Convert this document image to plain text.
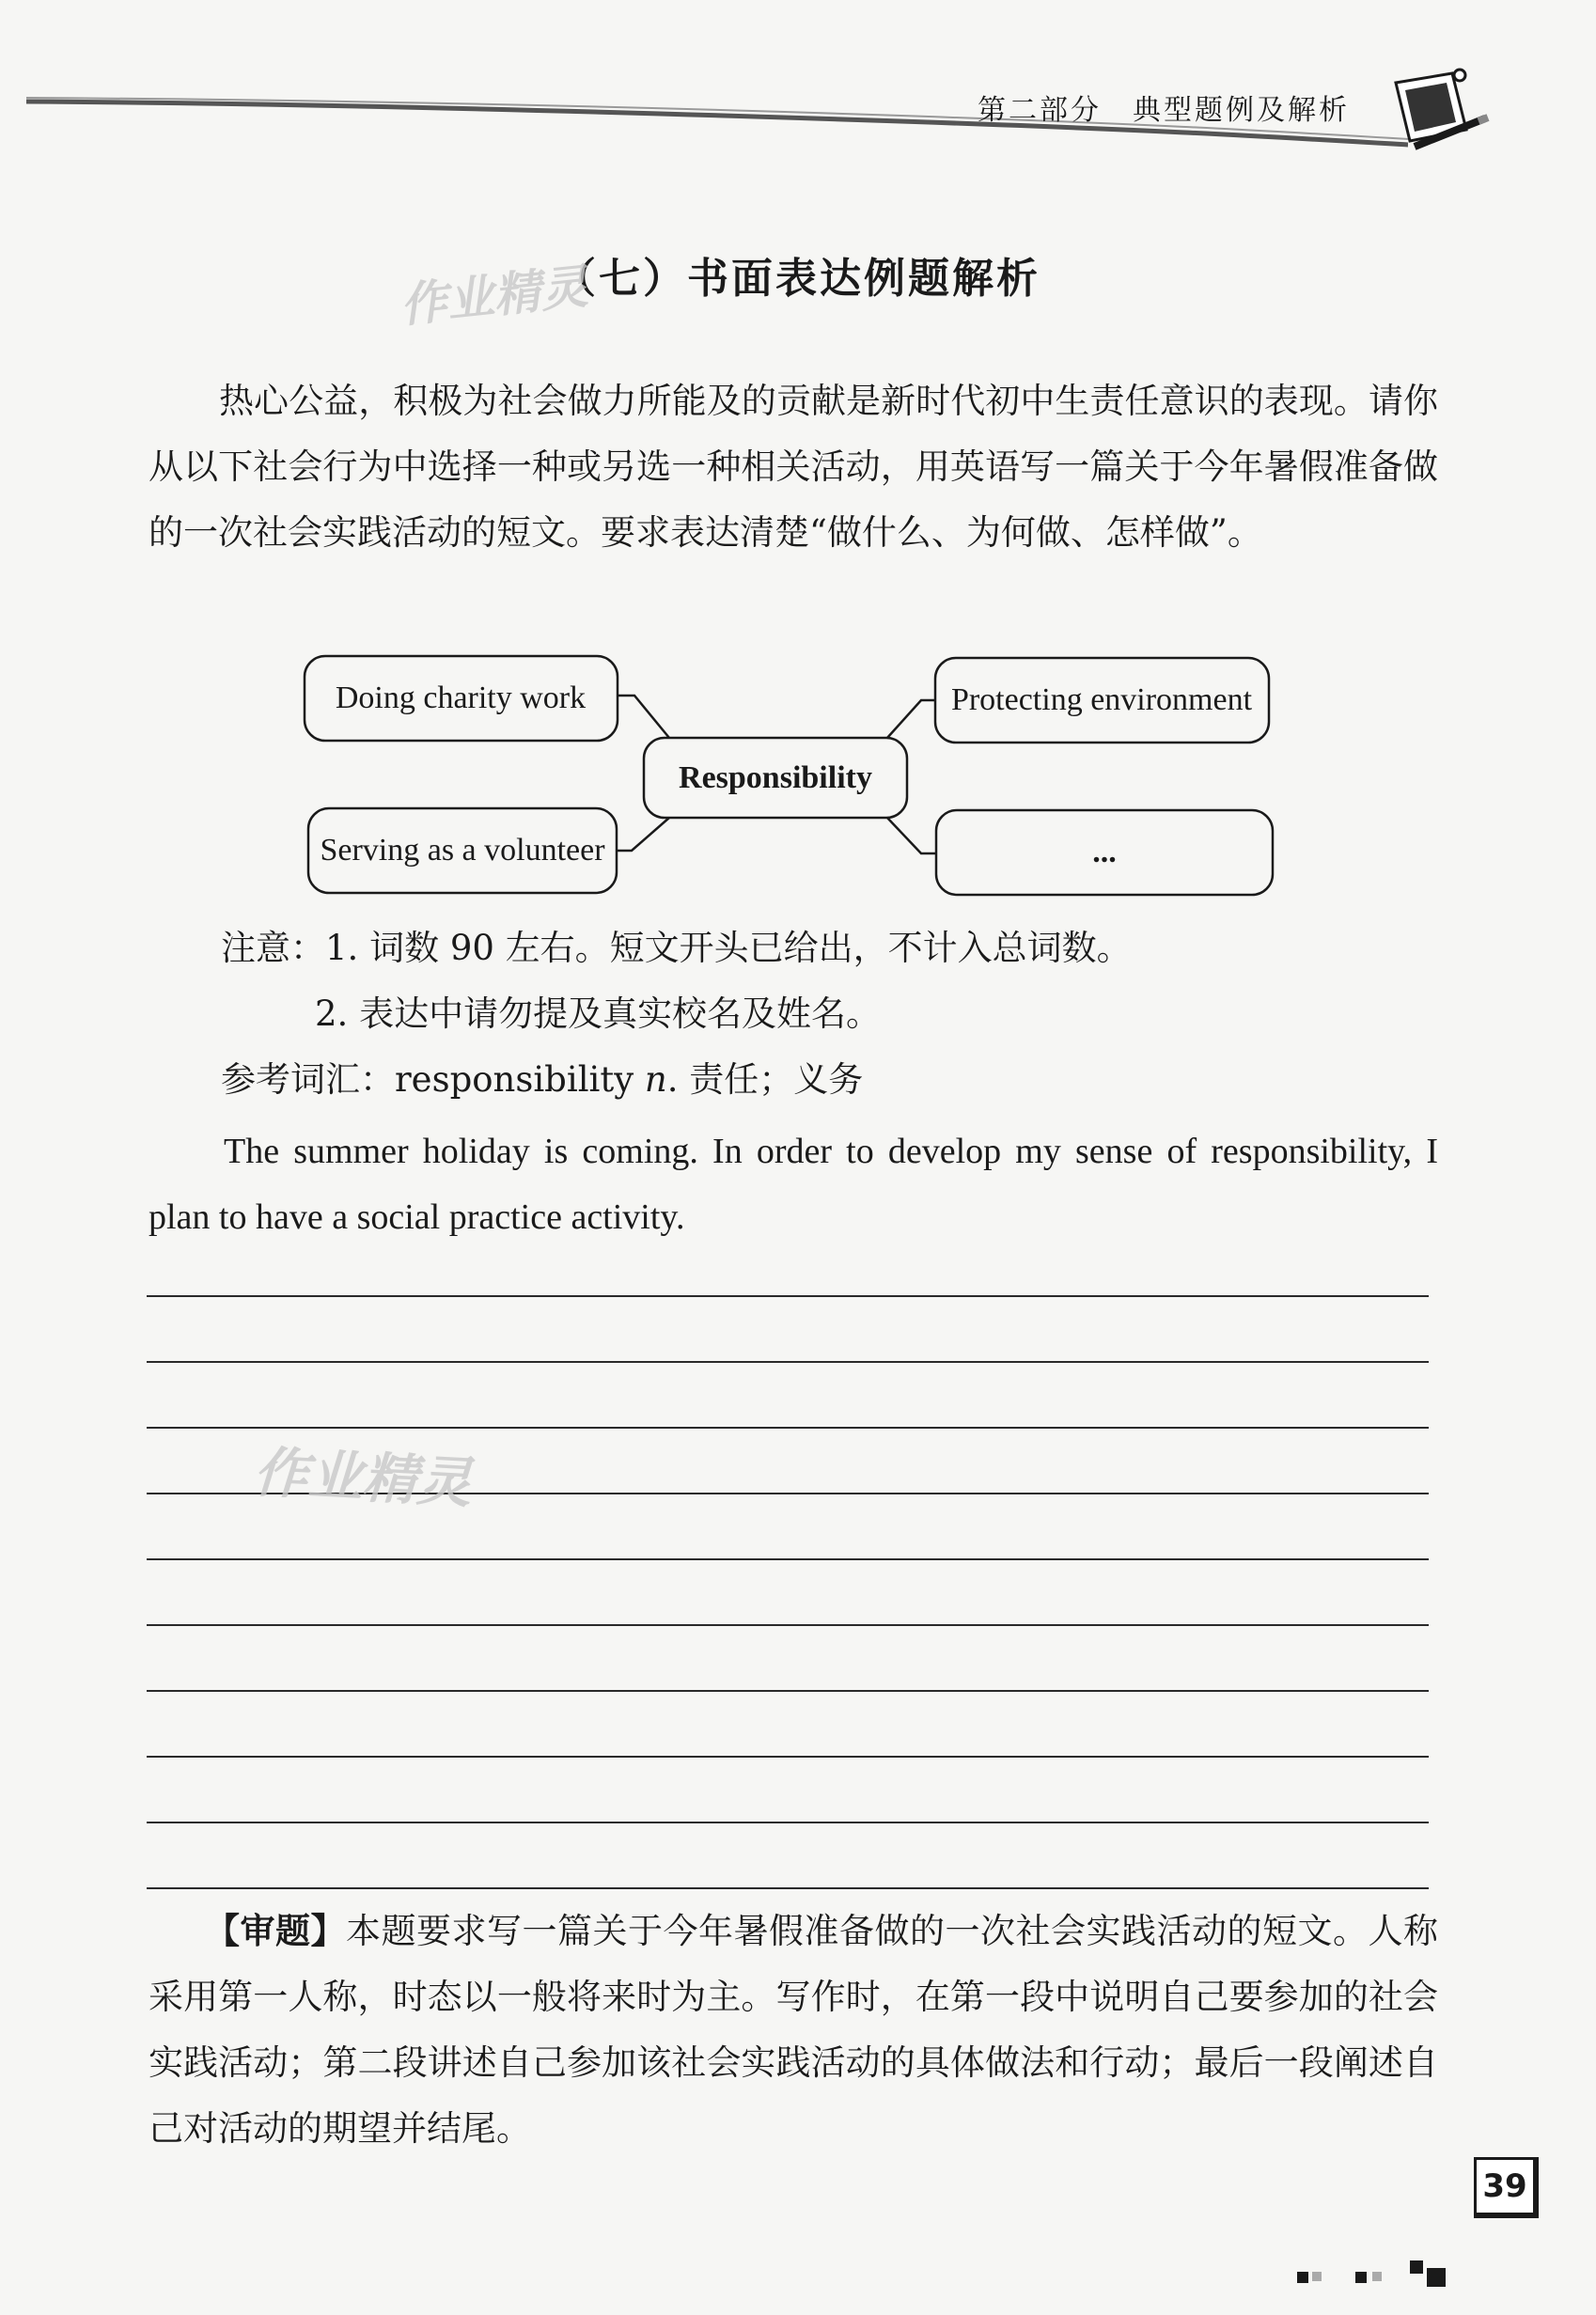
第二部分　典型题例及解析
（七）书面表达例题解析
作业精灵
热心公益，积极为社会做力所能及的贡献是新时代初中生责任意识的表现。请你从以下社会行为中选择一种或另选一种相关活动，用英语写一篇关于今年暑假准备做的一次社会实践活动的短文。要求表达清楚“做什么、为何做、怎样做”。
Doing charity work
Serving as a volunteer
Protecting environment
...
Responsibility
注意：1. 词数 90 左右。短文开头已给出，不计入总词数。
2. 表达中请勿提及真实校名及姓名。
参考词汇：responsibility n. 责任；义务
The summer holiday is coming. In order to develop my sense of responsibility, I plan to have a social practice activity.
作业精灵
【审题】本题要求写一篇关于今年暑假准备做的一次社会实践活动的短文。人称采用第一人称，时态以一般将来时为主。写作时，在第一段中说明自己要参加的社会实践活动；第二段讲述自己参加该社会实践活动的具体做法和行动；最后一段阐述自己对活动的期望并结尾。
39
